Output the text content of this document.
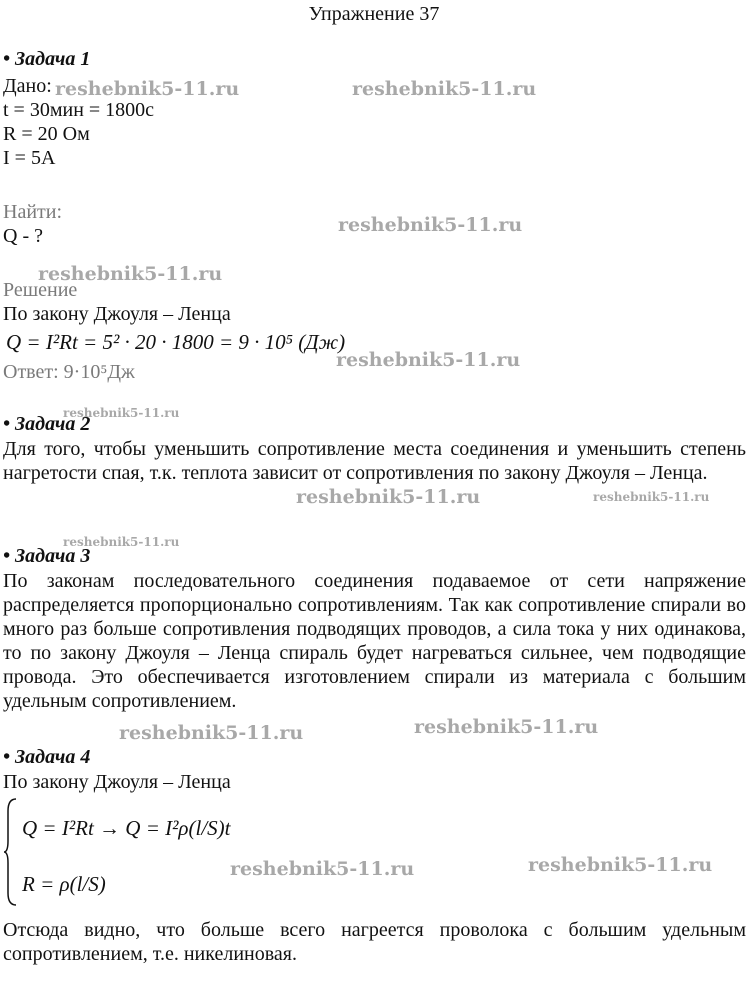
Упражнение 37
• Задача 1
Дано:
t = 30мин = 1800с
R = 20 Ом
I = 5A
Найти:
Q - ?
Решение
По закону Джоуля – Ленца
Q = I²Rt = 5² · 20 · 1800 = 9 · 10⁵ (Дж)
Ответ: 9·10⁵Дж
• Задача 2
Для того, чтобы уменьшить сопротивление места соединения и уменьшить степень нагретости спая, т.к. теплота зависит от сопротивления по закону Джоуля – Ленца.
• Задача 3
По законам последовательного соединения подаваемое от сети напряжение распределяется пропорционально сопротивлениям. Так как сопротивление спирали во много раз больше сопротивления подводящих проводов, а сила тока у них одинакова, то по закону Джоуля – Ленца спираль будет нагреваться сильнее, чем подводящие провода. Это обеспечивается изготовлением спирали из материала с большим удельным сопротивлением.
• Задача 4
По закону Джоуля – Ленца
Q = I²Rt → Q = I²ρ(l/S)t
R = ρ(l/S)
Отсюда видно, что больше всего нагреется проволока с большим удельным сопротивлением, т.е. никелиновая.
reshebnik5-11.ru	reshebnik5-11.ru
reshebnik5-11.ru
reshebnik5-11.ru
reshebnik5-11.ru
reshebnik5-11.ru
reshebnik5-11.ru	reshebnik5-11.ru
reshebnik5-11.ru
reshebnik5-11.ru	reshebnik5-11.ru
reshebnik5-11.ru	reshebnik5-11.ru
